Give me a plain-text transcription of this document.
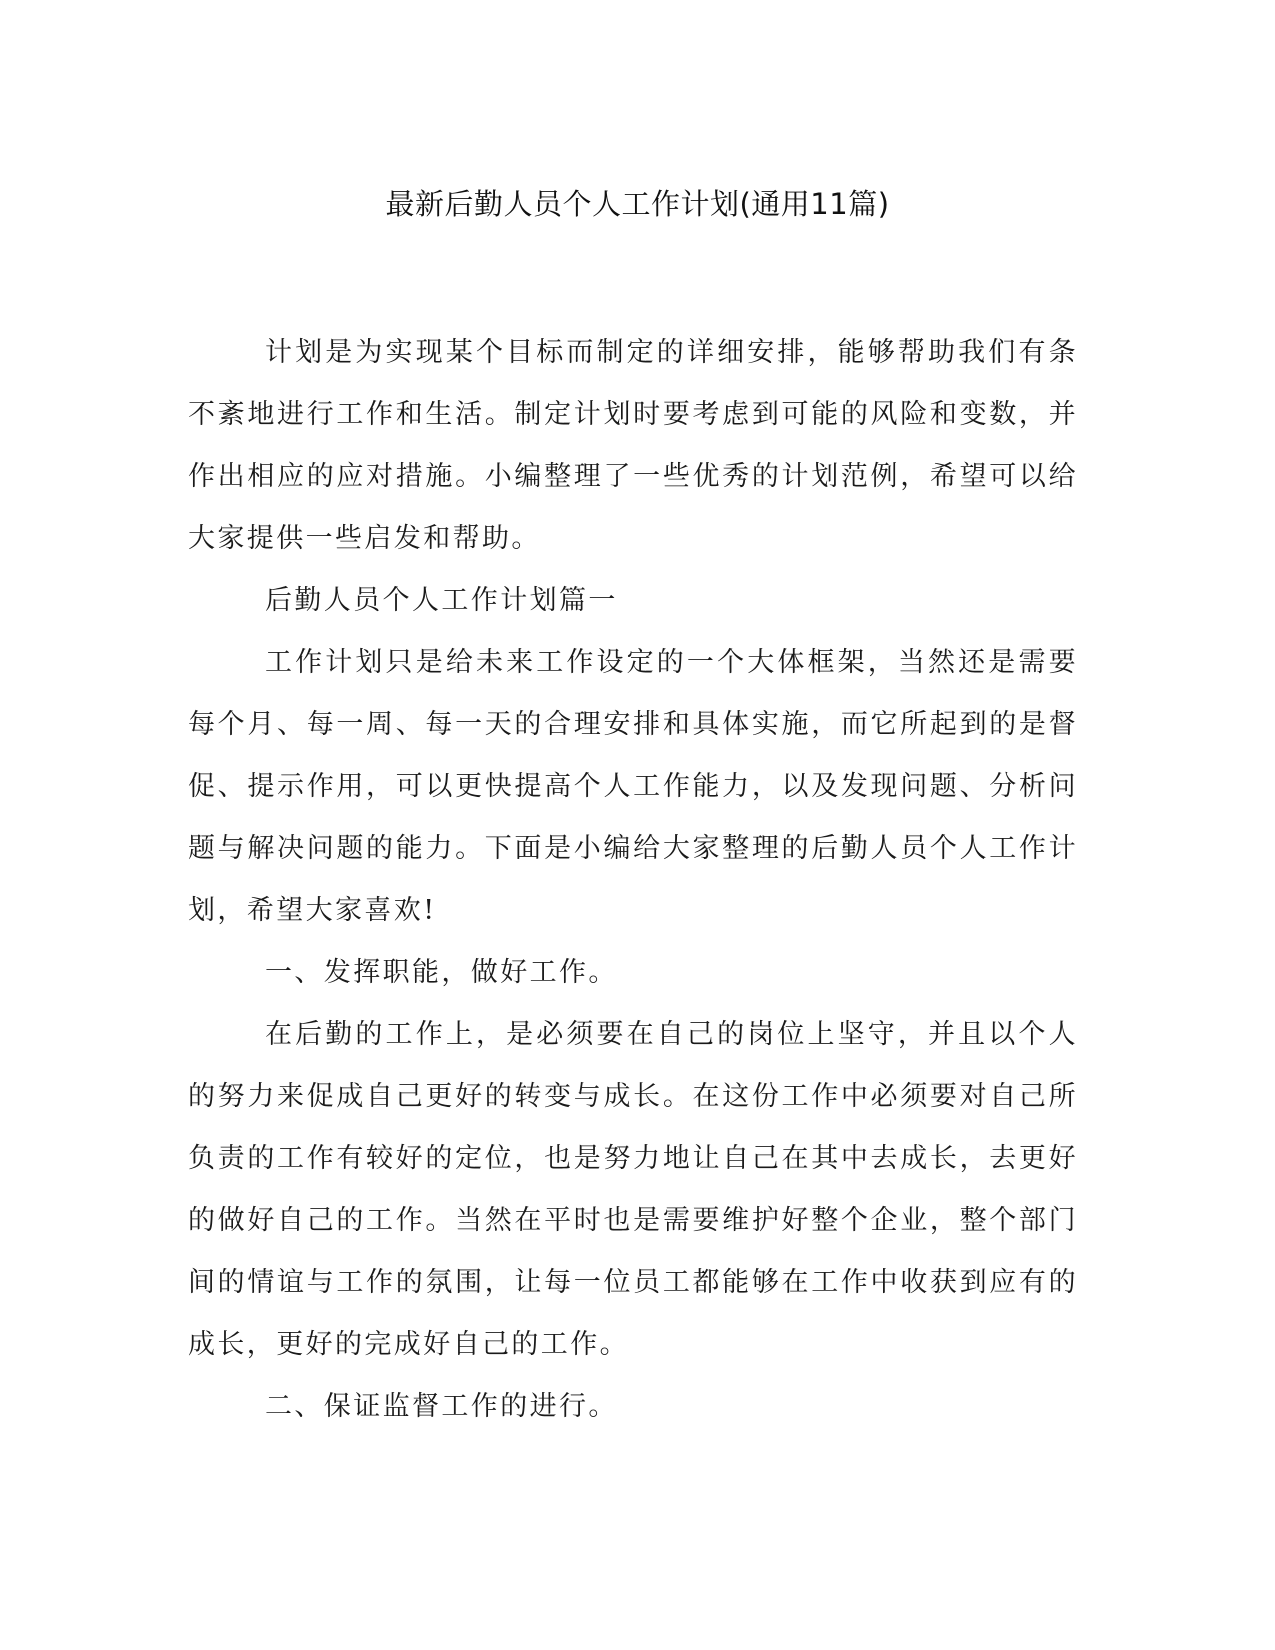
最新后勤人员个人工作计划(通用11篇)

计划是为实现某个目标而制定的详细安排，能够帮助我们有条不紊地进行工作和生活。制定计划时要考虑到可能的风险和变数，并作出相应的应对措施。小编整理了一些优秀的计划范例，希望可以给大家提供一些启发和帮助。

后勤人员个人工作计划篇一

工作计划只是给未来工作设定的一个大体框架，当然还是需要每个月、每一周、每一天的合理安排和具体实施，而它所起到的是督促、提示作用，可以更快提高个人工作能力，以及发现问题、分析问题与解决问题的能力。下面是小编给大家整理的后勤人员个人工作计划，希望大家喜欢!

一、发挥职能，做好工作。

在后勤的工作上，是必须要在自己的岗位上坚守，并且以个人的努力来促成自己更好的转变与成长。在这份工作中必须要对自己所负责的工作有较好的定位，也是努力地让自己在其中去成长，去更好的做好自己的工作。当然在平时也是需要维护好整个企业，整个部门间的情谊与工作的氛围，让每一位员工都能够在工作中收获到应有的成长，更好的完成好自己的工作。

二、保证监督工作的进行。
